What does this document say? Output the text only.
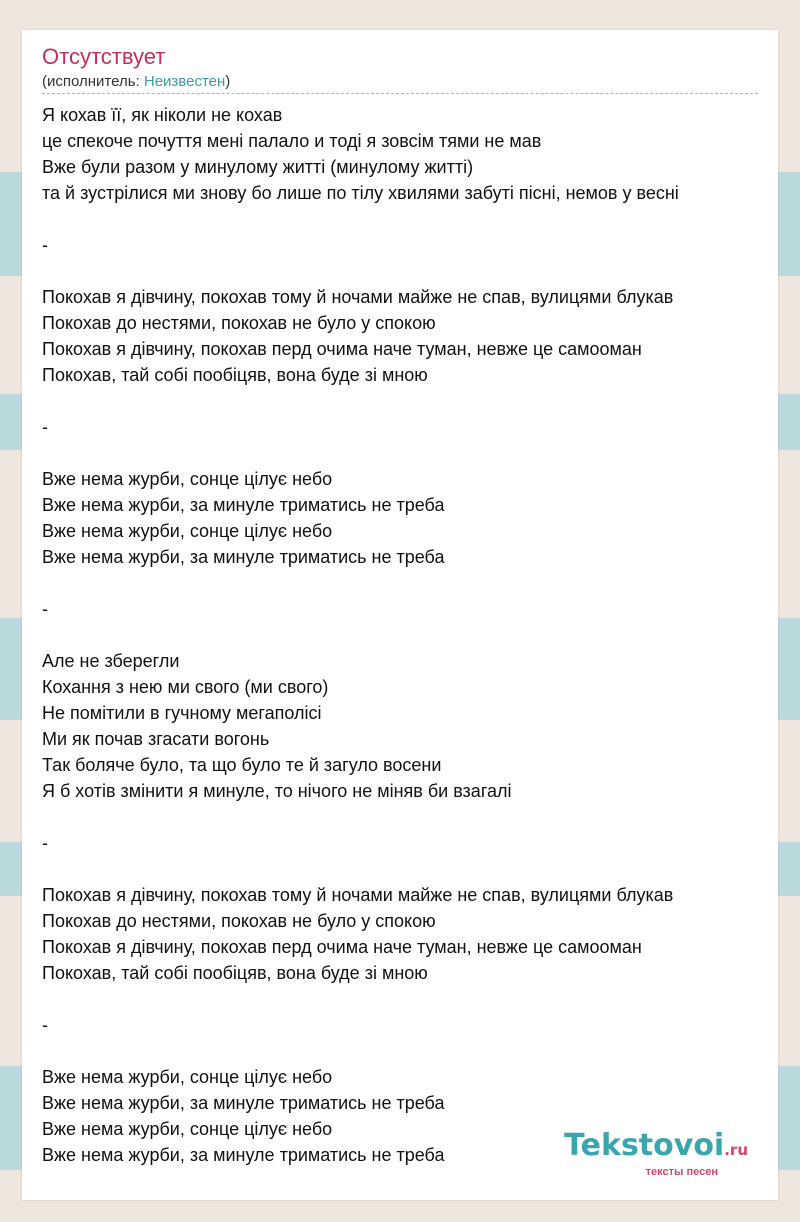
Отсутствует
(исполнитель: Неизвестен)
Я кохав її, як ніколи не кохав
це спекоче почуття мені палало и тоді я зовсім тями не мав
Вже були разом у минулому житті (минулому житті)
та й зустрілися ми знову бо лише по тілу хвилями забуті пісні, немов у весні
-
Покохав я дівчину, покохав тому й ночами майже не спав, вулицями блукав
Покохав до нестями, покохав не було у спокою
Покохав я дівчину, покохав перд очима наче туман, невже це самооман
Покохав, тай собі пообіцяв, вона буде зі мною
-
Вже нема журби, сонце цілує небо
Вже нема журби, за минуле триматись не треба
Вже нема журби, сонце цілує небо
Вже нема журби, за минуле триматись не треба
-
Але не зберегли
Кохання з нею ми свого (ми свого)
Не помітили в гучному мегаполісі
Ми як почав згасати вогонь
Так боляче було, та що було те й загуло восени
Я б хотів змінити я минуле, то нічого не міняв би взагалі
-
Покохав я дівчину, покохав тому й ночами майже не спав, вулицями блукав
Покохав до нестями, покохав не було у спокою
Покохав я дівчину, покохав перд очима наче туман, невже це самооман
Покохав, тай собі пообіцяв, вона буде зі мною
-
Вже нема журби, сонце цілує небо
Вже нема журби, за минуле триматись не треба
Вже нема журби, сонце цілує небо
Вже нема журби, за минуле триматись не треба	Tekstovoi.ru
тексты песен
